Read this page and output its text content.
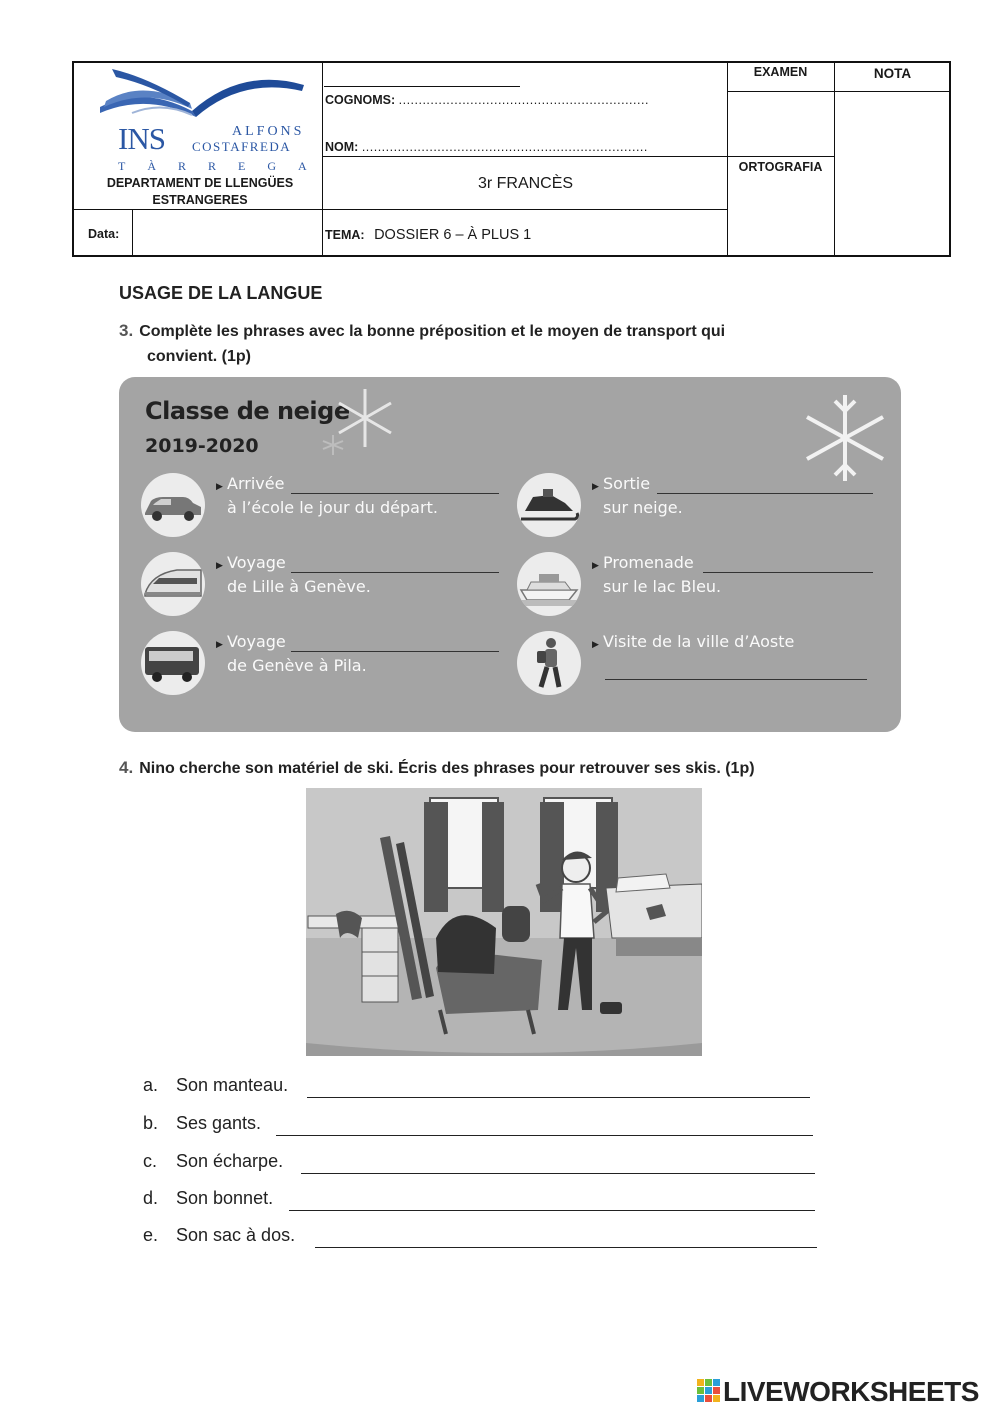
INS	ALFONS
COSTAFREDA
TÀRREGA
DEPARTAMENT DE LLENGÜES ESTRANGERES
COGNOMS: ...............................................................
NOM: ........................................................................
3r FRANCÈS
Data:	TEMA: DOSSIER 6 – À PLUS 1
EXAMEN
ORTOGRAFIA
NOTA
USAGE DE LA LANGUE
3. Complète les phrases avec la bonne préposition et le moyen de transport qui
convient. (1p)
Classe de neige
2019-2020
▶ Arrivée
à l’école le jour du départ.
▶ Sortie
sur neige.
▶ Voyage
de Lille à Genève.
▶ Promenade
sur le lac Bleu.
▶ Voyage
de Genève à Pila.
▶ Visite de la ville d’Aoste
4. Nino cherche son matériel de ski. Écris des phrases pour retrouver ses skis. (1p)
a. Son manteau.
b. Ses gants.
c. Son écharpe.
d. Son bonnet.
e. Son sac à dos.
LIVEWORKSHEETS
